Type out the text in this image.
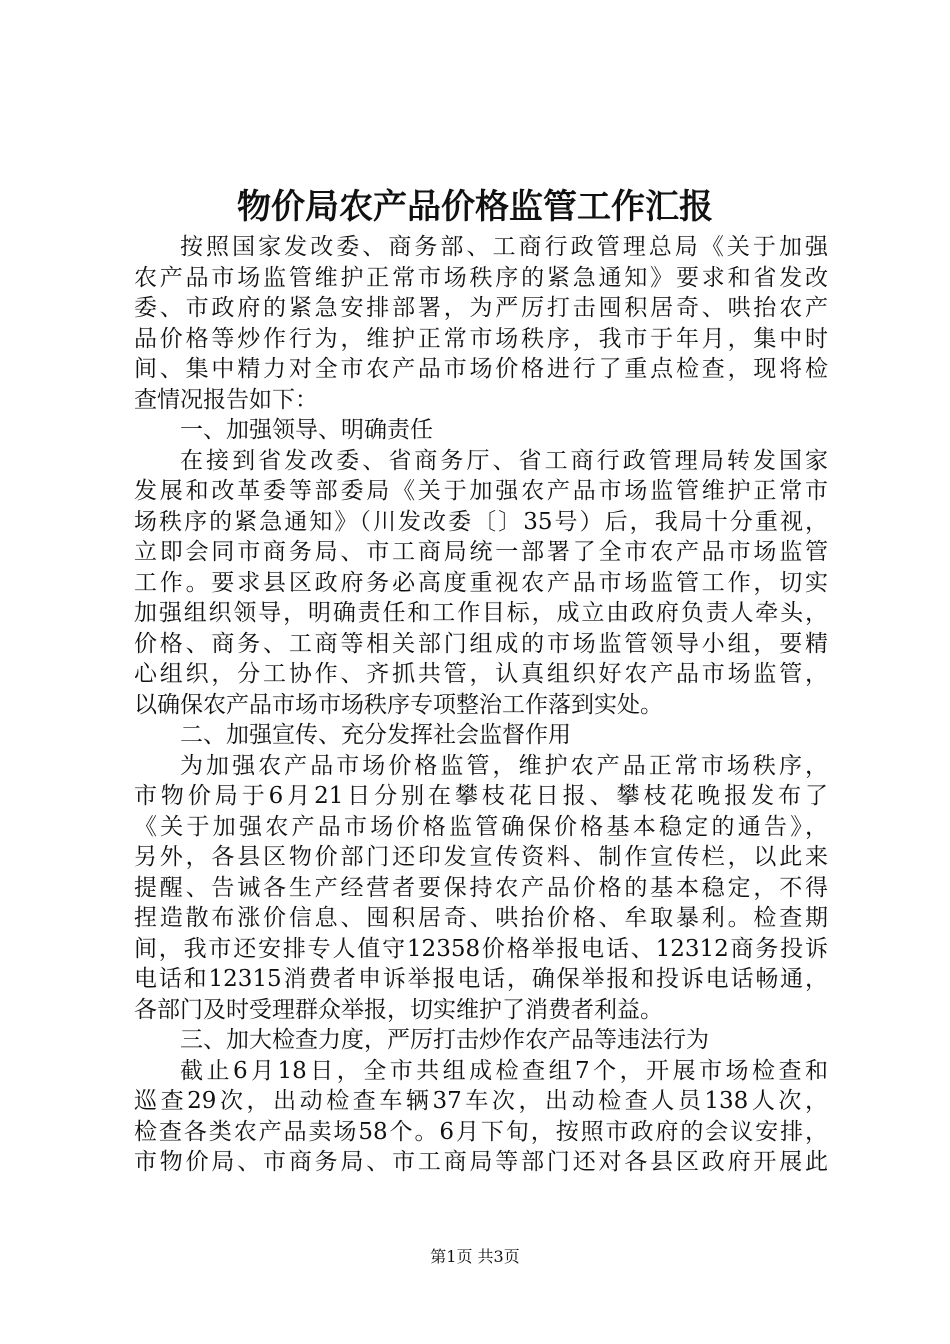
物价局农产品价格监管工作汇报
按照国家发改委、商务部、工商行政管理总局《关于加强
农产品市场监管维护正常市场秩序的紧急通知》要求和省发改
委、市政府的紧急安排部署，为严厉打击囤积居奇、哄抬农产
品价格等炒作行为，维护正常市场秩序，我市于年月，集中时
间、集中精力对全市农产品市场价格进行了重点检查，现将检
查情况报告如下：
一、加强领导、明确责任
在接到省发改委、省商务厅、省工商行政管理局转发国家
发展和改革委等部委局《关于加强农产品市场监管维护正常市
场秩序的紧急通知》（川发改委〔〕35号）后，我局十分重视，
立即会同市商务局、市工商局统一部署了全市农产品市场监管
工作。要求县区政府务必高度重视农产品市场监管工作，切实
加强组织领导，明确责任和工作目标，成立由政府负责人牵头，
价格、商务、工商等相关部门组成的市场监管领导小组，要精
心组织，分工协作、齐抓共管，认真组织好农产品市场监管，
以确保农产品市场市场秩序专项整治工作落到实处。
二、加强宣传、充分发挥社会监督作用
为加强农产品市场价格监管，维护农产品正常市场秩序，
市物价局于6月21日分别在攀枝花日报、攀枝花晚报发布了
《关于加强农产品市场价格监管确保价格基本稳定的通告》，
另外，各县区物价部门还印发宣传资料、制作宣传栏，以此来
提醒、告诫各生产经营者要保持农产品价格的基本稳定，不得
捏造散布涨价信息、囤积居奇、哄抬价格、牟取暴利。检查期
间，我市还安排专人值守12358价格举报电话、12312商务投诉
电话和12315消费者申诉举报电话，确保举报和投诉电话畅通，
各部门及时受理群众举报，切实维护了消费者利益。
三、加大检查力度，严厉打击炒作农产品等违法行为
截止6月18日，全市共组成检查组7个，开展市场检查和
巡查29次，出动检查车辆37车次，出动检查人员138人次，
检查各类农产品卖场58个。6月下旬，按照市政府的会议安排，
市物价局、市商务局、市工商局等部门还对各县区政府开展此
第1页 共3页
